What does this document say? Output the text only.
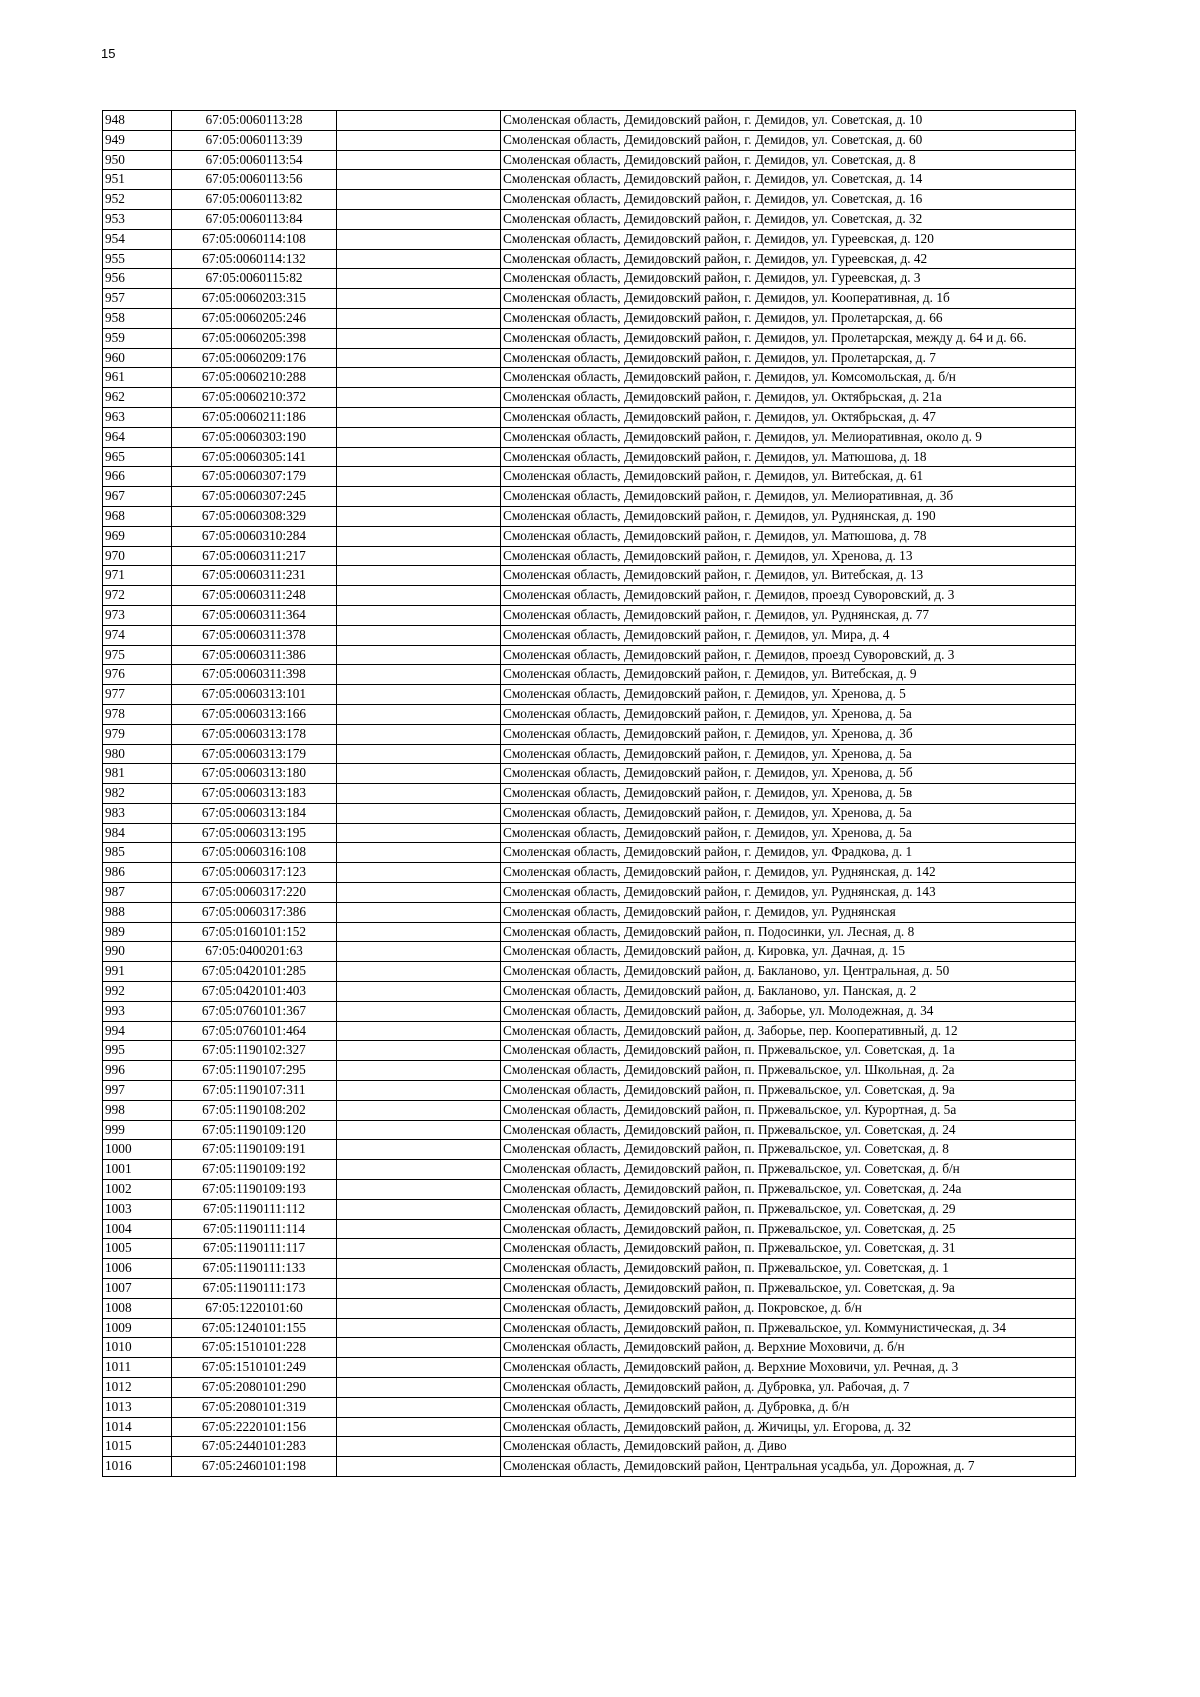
15
948	67:05:0060113:28		Смоленская область, Демидовский район, г. Демидов, ул. Советская, д. 10
949	67:05:0060113:39		Смоленская область, Демидовский район, г. Демидов, ул. Советская, д. 60
950	67:05:0060113:54		Смоленская область, Демидовский район, г. Демидов, ул. Советская, д. 8
951	67:05:0060113:56		Смоленская область, Демидовский район, г. Демидов, ул. Советская, д. 14
952	67:05:0060113:82		Смоленская область, Демидовский район, г. Демидов, ул. Советская, д. 16
953	67:05:0060113:84		Смоленская область, Демидовский район, г. Демидов, ул. Советская, д. 32
954	67:05:0060114:108		Смоленская область, Демидовский район, г. Демидов, ул. Гуреевская, д. 120
955	67:05:0060114:132		Смоленская область, Демидовский район, г. Демидов, ул. Гуреевская, д. 42
956	67:05:0060115:82		Смоленская область, Демидовский район, г. Демидов, ул. Гуреевская, д. 3
957	67:05:0060203:315		Смоленская область, Демидовский район, г. Демидов, ул. Кооперативная, д. 1б
958	67:05:0060205:246		Смоленская область, Демидовский район, г. Демидов, ул. Пролетарская, д. 66
959	67:05:0060205:398		Смоленская область, Демидовский район, г. Демидов, ул. Пролетарская, между д. 64 и д. 66.
960	67:05:0060209:176		Смоленская область, Демидовский район, г. Демидов, ул. Пролетарская, д. 7
961	67:05:0060210:288		Смоленская область, Демидовский район, г. Демидов, ул. Комсомольская, д. б/н
962	67:05:0060210:372		Смоленская область, Демидовский район, г. Демидов, ул. Октябрьская, д. 21а
963	67:05:0060211:186		Смоленская область, Демидовский район, г. Демидов, ул. Октябрьская, д. 47
964	67:05:0060303:190		Смоленская область, Демидовский район, г. Демидов, ул. Мелиоративная, около д. 9
965	67:05:0060305:141		Смоленская область, Демидовский район, г. Демидов, ул. Матюшова, д. 18
966	67:05:0060307:179		Смоленская область, Демидовский район, г. Демидов, ул. Витебская, д. 61
967	67:05:0060307:245		Смоленская область, Демидовский район, г. Демидов, ул. Мелиоративная, д. 3б
968	67:05:0060308:329		Смоленская область, Демидовский район, г. Демидов, ул. Руднянская, д. 190
969	67:05:0060310:284		Смоленская область, Демидовский район, г. Демидов, ул. Матюшова, д. 78
970	67:05:0060311:217		Смоленская область, Демидовский район, г. Демидов, ул. Хренова, д. 13
971	67:05:0060311:231		Смоленская область, Демидовский район, г. Демидов, ул. Витебская, д. 13
972	67:05:0060311:248		Смоленская область, Демидовский район, г. Демидов, проезд Суворовский, д. 3
973	67:05:0060311:364		Смоленская область, Демидовский район, г. Демидов, ул. Руднянская, д. 77
974	67:05:0060311:378		Смоленская область, Демидовский район, г. Демидов, ул. Мира, д. 4
975	67:05:0060311:386		Смоленская область, Демидовский район, г. Демидов, проезд Суворовский, д. 3
976	67:05:0060311:398		Смоленская область, Демидовский район, г. Демидов, ул. Витебская, д. 9
977	67:05:0060313:101		Смоленская область, Демидовский район, г. Демидов, ул. Хренова, д. 5
978	67:05:0060313:166		Смоленская область, Демидовский район, г. Демидов, ул. Хренова, д. 5а
979	67:05:0060313:178		Смоленская область, Демидовский район, г. Демидов, ул. Хренова, д. 3б
980	67:05:0060313:179		Смоленская область, Демидовский район, г. Демидов, ул. Хренова, д. 5а
981	67:05:0060313:180		Смоленская область, Демидовский район, г. Демидов, ул. Хренова, д. 5б
982	67:05:0060313:183		Смоленская область, Демидовский район, г. Демидов, ул. Хренова, д. 5в
983	67:05:0060313:184		Смоленская область, Демидовский район, г. Демидов, ул. Хренова, д. 5а
984	67:05:0060313:195		Смоленская область, Демидовский район, г. Демидов, ул. Хренова, д. 5а
985	67:05:0060316:108		Смоленская область, Демидовский район, г. Демидов, ул. Фрадкова, д. 1
986	67:05:0060317:123		Смоленская область, Демидовский район, г. Демидов, ул. Руднянская, д. 142
987	67:05:0060317:220		Смоленская область, Демидовский район, г. Демидов, ул. Руднянская, д. 143
988	67:05:0060317:386		Смоленская область, Демидовский район, г. Демидов, ул. Руднянская
989	67:05:0160101:152		Смоленская область, Демидовский район, п. Подосинки, ул. Лесная, д. 8
990	67:05:0400201:63		Смоленская область, Демидовский район, д. Кировка, ул. Дачная, д. 15
991	67:05:0420101:285		Смоленская область, Демидовский район, д. Бакланово, ул. Центральная, д. 50
992	67:05:0420101:403		Смоленская область, Демидовский район, д. Бакланово, ул. Панская, д. 2
993	67:05:0760101:367		Смоленская область, Демидовский район, д. Заборье, ул. Молодежная, д. 34
994	67:05:0760101:464		Смоленская область, Демидовский район, д. Заборье, пер. Кооперативный, д. 12
995	67:05:1190102:327		Смоленская область, Демидовский район, п. Пржевальское, ул. Советская, д. 1а
996	67:05:1190107:295		Смоленская область, Демидовский район, п. Пржевальское, ул. Школьная, д. 2а
997	67:05:1190107:311		Смоленская область, Демидовский район, п. Пржевальское, ул. Советская, д. 9а
998	67:05:1190108:202		Смоленская область, Демидовский район, п. Пржевальское, ул. Курортная, д. 5а
999	67:05:1190109:120		Смоленская область, Демидовский район, п. Пржевальское, ул. Советская, д. 24
1000	67:05:1190109:191		Смоленская область, Демидовский район, п. Пржевальское, ул. Советская, д. 8
1001	67:05:1190109:192		Смоленская область, Демидовский район, п. Пржевальское, ул. Советская, д. б/н
1002	67:05:1190109:193		Смоленская область, Демидовский район, п. Пржевальское, ул. Советская, д. 24а
1003	67:05:1190111:112		Смоленская область, Демидовский район, п. Пржевальское, ул. Советская, д. 29
1004	67:05:1190111:114		Смоленская область, Демидовский район, п. Пржевальское, ул. Советская, д. 25
1005	67:05:1190111:117		Смоленская область, Демидовский район, п. Пржевальское, ул. Советская, д. 31
1006	67:05:1190111:133		Смоленская область, Демидовский район, п. Пржевальское, ул. Советская, д. 1
1007	67:05:1190111:173		Смоленская область, Демидовский район, п. Пржевальское, ул. Советская, д. 9а
1008	67:05:1220101:60		Смоленская область, Демидовский район, д. Покровское, д. б/н
1009	67:05:1240101:155		Смоленская область, Демидовский район, п. Пржевальское, ул. Коммунистическая, д. 34
1010	67:05:1510101:228		Смоленская область, Демидовский район, д. Верхние Моховичи, д. б/н
1011	67:05:1510101:249		Смоленская область, Демидовский район, д. Верхние Моховичи, ул. Речная, д. 3
1012	67:05:2080101:290		Смоленская область, Демидовский район, д. Дубровка, ул. Рабочая, д. 7
1013	67:05:2080101:319		Смоленская область, Демидовский район, д. Дубровка, д. б/н
1014	67:05:2220101:156		Смоленская область, Демидовский район, д. Жичицы, ул. Егорова, д. 32
1015	67:05:2440101:283		Смоленская область, Демидовский район, д. Диво
1016	67:05:2460101:198		Смоленская область, Демидовский район, Центральная усадьба, ул. Дорожная, д. 7
